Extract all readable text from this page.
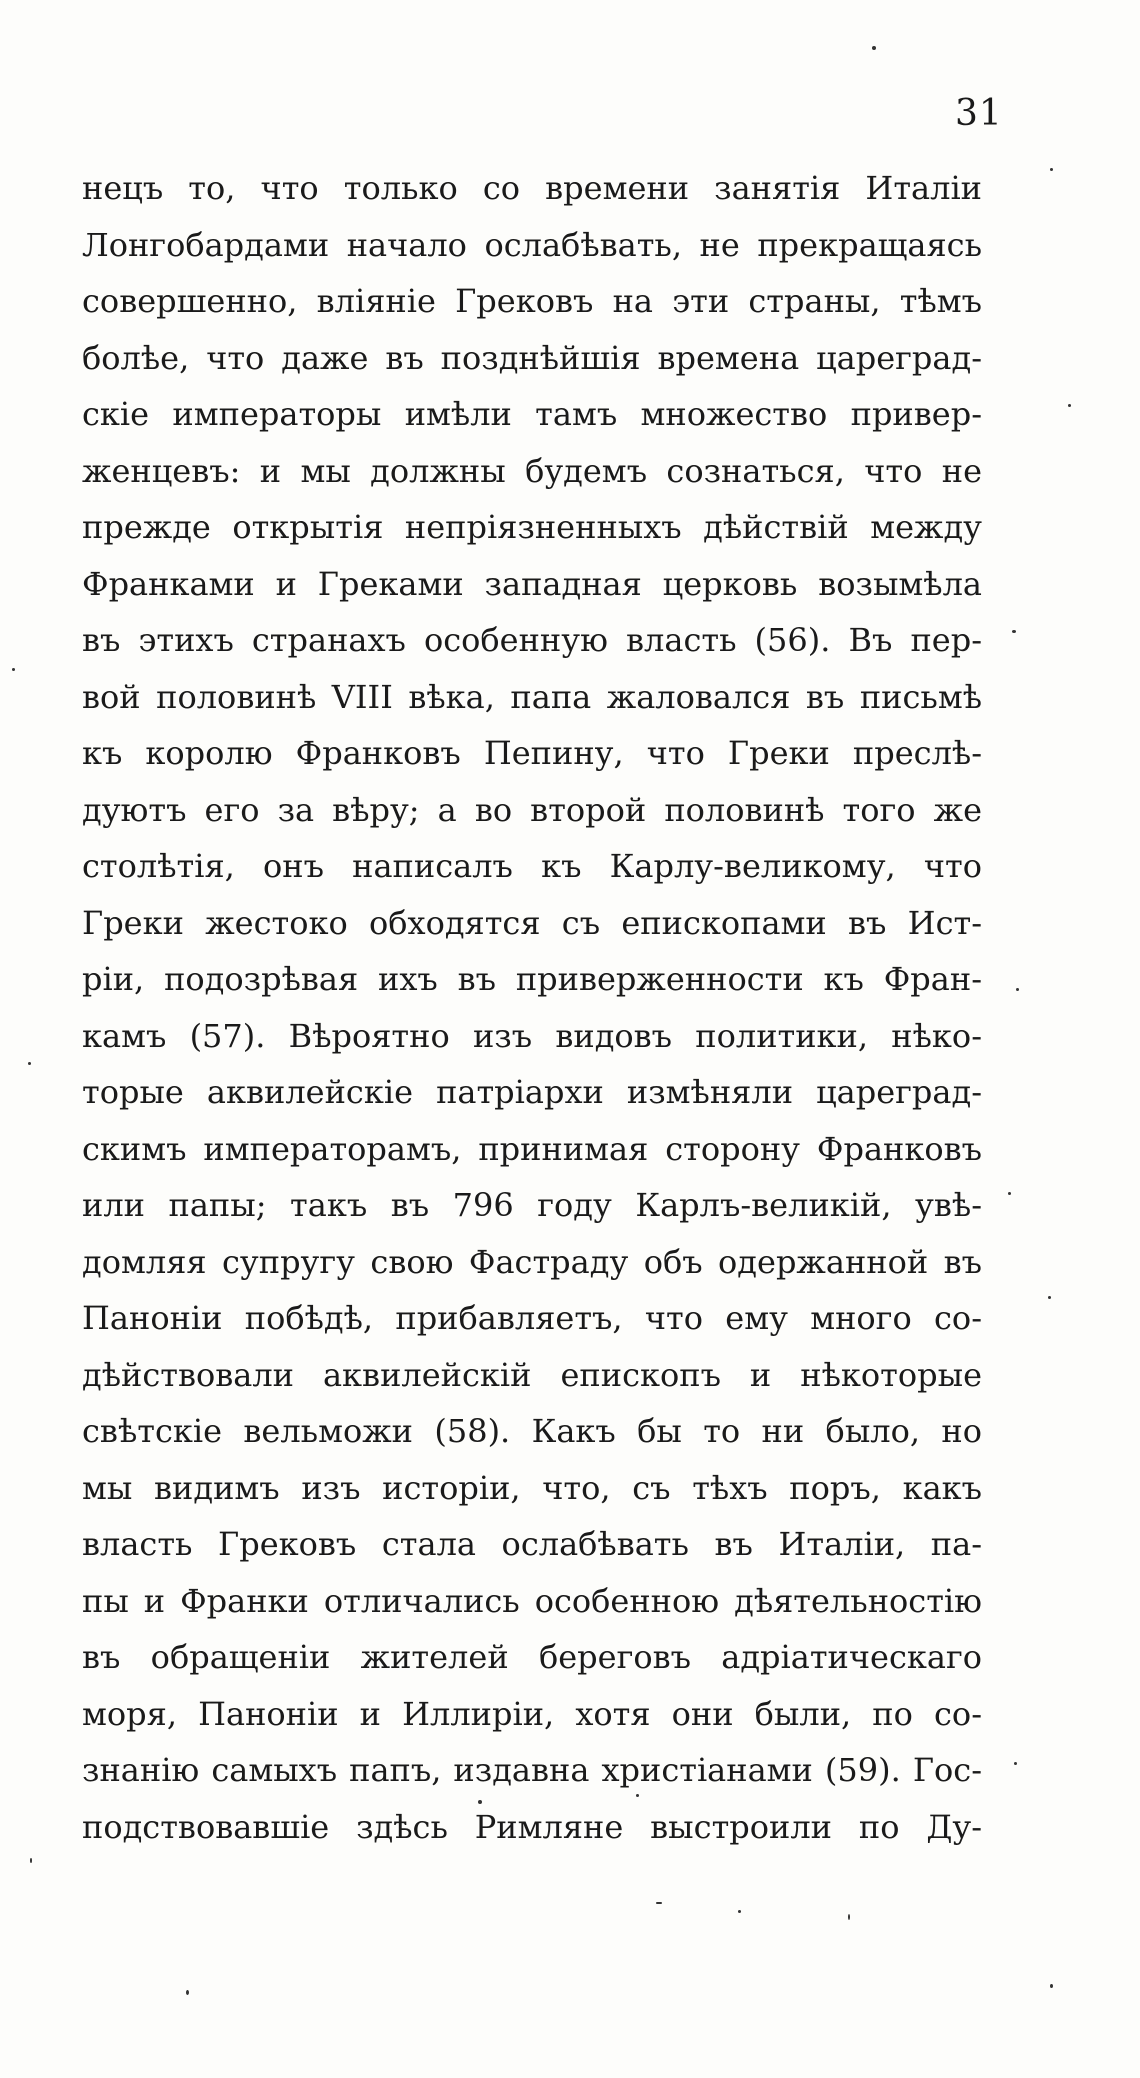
31
нецъ то, что только со времени занятія Италіи
Лонгобардами начало ослабѣвать, не прекращаясь
совершенно, вліяніе Грековъ на эти страны, тѣмъ
болѣе, что даже въ позднѣйшія времена цареград-
скіе императоры имѣли тамъ множество привер-
женцевъ: и мы должны будемъ сознаться, что не
прежде открытія непріязненныхъ дѣйствій между
Франками и Греками западная церковь возымѣла
въ этихъ странахъ особенную власть (56). Въ пер-
вой половинѣ VIII вѣка, папа жаловался въ письмѣ
къ королю Франковъ Пепину, что Греки преслѣ-
дуютъ его за вѣру; а во второй половинѣ того же
столѣтія, онъ написалъ къ Карлу-великому, что
Греки жестоко обходятся съ епископами въ Ист-
ріи, подозрѣвая ихъ въ приверженности къ Фран-
камъ (57). Вѣроятно изъ видовъ политики, нѣко-
торые аквилейскіе патріархи измѣняли цареград-
скимъ императорамъ, принимая сторону Франковъ
или папы; такъ въ 796 году Карлъ-великій, увѣ-
домляя супругу свою Фастраду объ одержанной въ
Паноніи побѣдѣ, прибавляетъ, что ему много со-
дѣйствовали аквилейскій епископъ и нѣкоторые
свѣтскіе вельможи (58). Какъ бы то ни было, но
мы видимъ изъ исторіи, что, съ тѣхъ поръ, какъ
власть Грековъ стала ослабѣвать въ Италіи, па-
пы и Франки отличались особенною дѣятельностію
въ обращеніи жителей береговъ адріатическаго
моря, Паноніи и Иллиріи, хотя они были, по со-
знанію самыхъ папъ, издавна христіанами (59). Гос-
подствовавшіе здѣсь Римляне выстроили по Ду-
